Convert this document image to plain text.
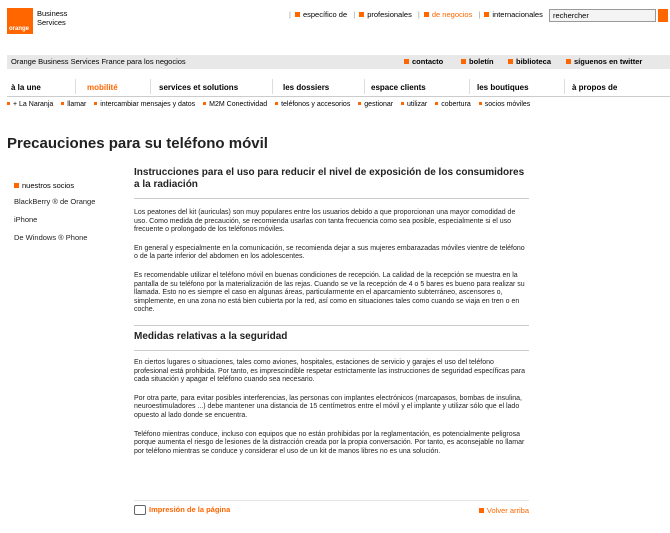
orange
Business
Services
| específico de | profesionales | de negocios | internacionales
rechercher
Orange Business Services France para los negocios	contacto	boletín	biblioteca	síguenos en twitter
à la une	mobilité	services et solutions	les dossiers	espace clients	les boutiques	à propos de
+ La Naranja llamar intercambiar mensajes y datos M2M Conectividad teléfonos y accesorios gestionar utilizar cobertura socios móviles
Precauciones para su teléfono móvil
nuestros socios
BlackBerry ® de Orange
iPhone
De Windows ® Phone
Instrucciones para el uso para reducir el nivel de exposición de los consumidores a la radiación

Los peatones del kit (auriculas) son muy populares entre los usuarios debido a que proporcionan una mayor comodidad de uso. Como medida de precaución, se recomienda usarlas con tanta frecuencia como sea posible, especialmente si el uso frecuente o prolongado de los teléfonos móviles.

En general y especialmente en la comunicación, se recomienda dejar a sus mujeres embarazadas móviles vientre de teléfono o de la parte inferior del abdomen en los adolescentes.

Es recomendable utilizar el teléfono móvil en buenas condiciones de recepción. La calidad de la recepción se muestra en la pantalla de su teléfono por la materialización de las rejas. Cuando se ve la recepción de 4 o 5 bares es bueno para realizar su llamada. Esto no es siempre el caso en algunas áreas, particularmente en el aparcamiento subterráneo, ascensores o, simplemente, en una zona no está bien cubierta por la red, así como en situaciones tales como cuando se viaja en tren o en coche.

Medidas relativas a la seguridad

En ciertos lugares o situaciones, tales como aviones, hospitales, estaciones de servicio y garajes el uso del teléfono profesional está prohibida. Por tanto, es imprescindible respetar estrictamente las instrucciones de seguridad específicas para cada situación y apagar el teléfono cuando sea necesario.

Por otra parte, para evitar posibles interferencias, las personas con implantes electrónicos (marcapasos, bombas de insulina, neuroestimuladores ...) debe mantener una distancia de 15 centímetros entre el móvil y el implante y utilizar sólo que el lado opuesto al lado donde se encuentra.

Teléfono mientras conduce, incluso con equipos que no están prohibidas por la reglamentación, es potencialmente peligrosa porque aumenta el riesgo de lesiones de la distracción creada por la propia conversación. Por tanto, es aconsejable no llamar por teléfono mientras se conduce y considerar el uso de un kit de manos libres no es una solución.

Impresión de la página	Volver arriba
